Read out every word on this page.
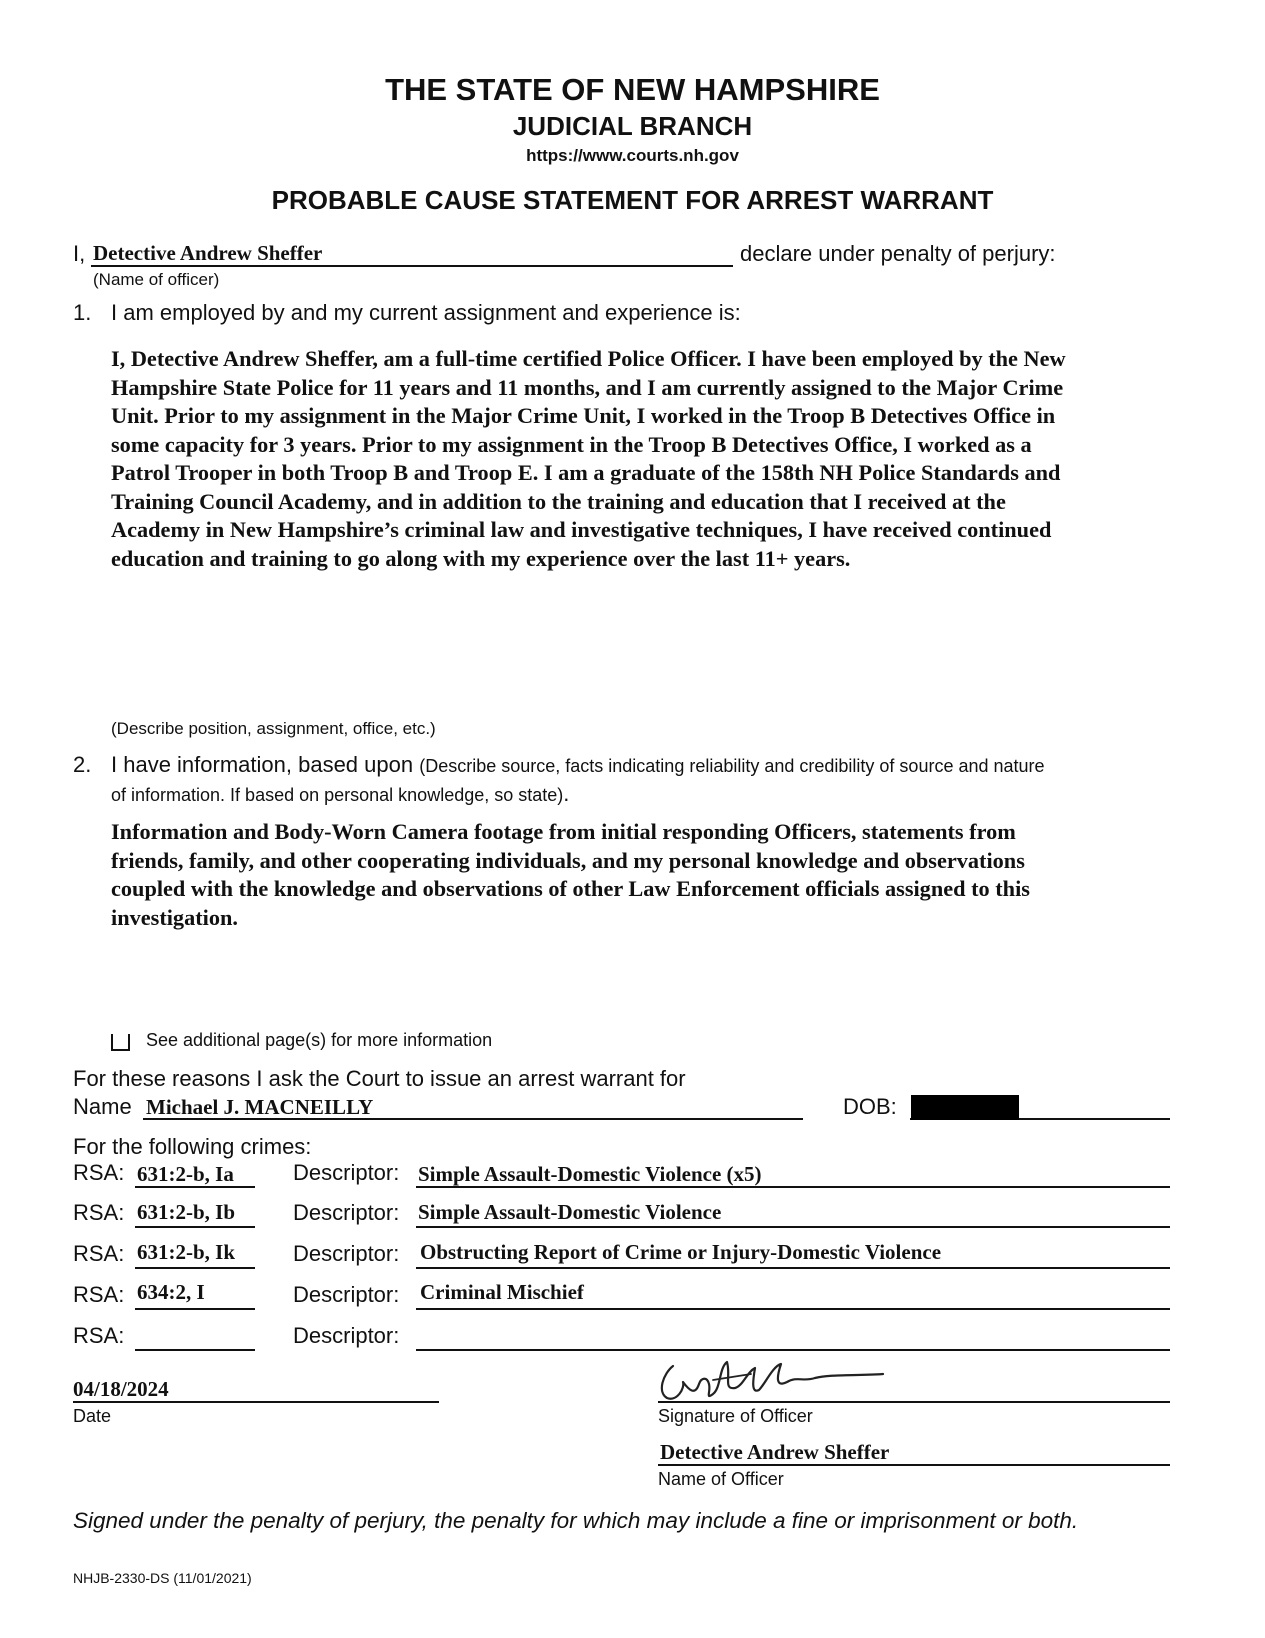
THE STATE OF NEW HAMPSHIRE
JUDICIAL BRANCH
https://www.courts.nh.gov
PROBABLE CAUSE STATEMENT FOR ARREST WARRANT
I, Detective Andrew Sheffer	declare under penalty of perjury:
(Name of officer)
1. I am employed by and my current assignment and experience is:
I, Detective Andrew Sheffer, am a full-time certified Police Officer. I have been employed by the New
Hampshire State Police for 11 years and 11 months, and I am currently assigned to the Major Crime
Unit. Prior to my assignment in the Major Crime Unit, I worked in the Troop B Detectives Office in
some capacity for 3 years. Prior to my assignment in the Troop B Detectives Office, I worked as a
Patrol Trooper in both Troop B and Troop E. I am a graduate of the 158th NH Police Standards and
Training Council Academy, and in addition to the training and education that I received at the
Academy in New Hampshire’s criminal law and investigative techniques, I have received continued
education and training to go along with my experience over the last 11+ years.
(Describe position, assignment, office, etc.)
2. I have information, based upon (Describe source, facts indicating reliability and credibility of source and nature
of information. If based on personal knowledge, so state).
Information and Body-Worn Camera footage from initial responding Officers, statements from
friends, family, and other cooperating individuals, and my personal knowledge and observations
coupled with the knowledge and observations of other Law Enforcement officials assigned to this
investigation.
See additional page(s) for more information
For these reasons I ask the Court to issue an arrest warrant for
Name Michael J. MACNEILLY	DOB:
For the following crimes:
RSA: 631:2-b, Ia	Descriptor: Simple Assault-Domestic Violence (x5)
RSA: 631:2-b, Ib	Descriptor: Simple Assault-Domestic Violence
RSA: 631:2-b, Ik	Descriptor: Obstructing Report of Crime or Injury-Domestic Violence
RSA: 634:2, I	Descriptor: Criminal Mischief
RSA:	Descriptor:
04/18/2024
Date	Signature of Officer
Detective Andrew Sheffer
Name of Officer
Signed under the penalty of perjury, the penalty for which may include a fine or imprisonment or both.
NHJB-2330-DS (11/01/2021)
